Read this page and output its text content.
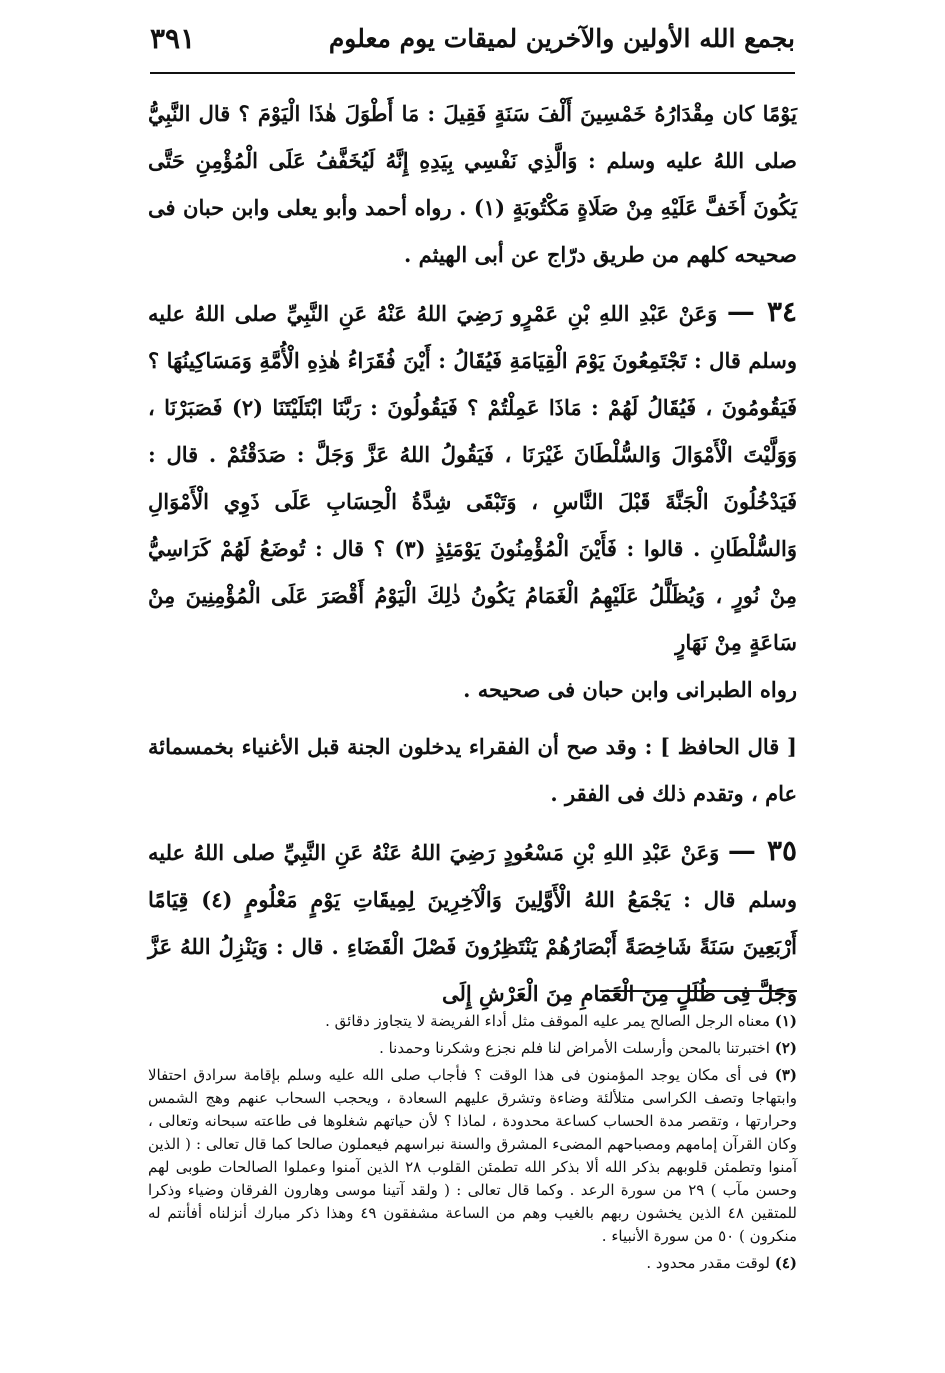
بجمع الله الأولين والآخرين لميقات يوم معلوم
٣٩١

يَوْمًا كان مِقْدَارُهُ خَمْسِينَ أَلْفَ سَنَةٍ فَقِيلَ : مَا أَطْوَلَ هٰذَا الْيَوْمَ ؟ قال النَّبِيُّ صلى اللهُ عليه وسلم : وَالَّذِي نَفْسِي بِيَدِهِ إِنَّهُ لَيُخَفَّفُ عَلَى الْمُؤْمِنِ حَتَّى يَكُونَ أَخَفَّ عَلَيْهِ مِنْ صَلَاةٍ مَكْتُوبَةٍ (١) . رواه أحمد وأبو يعلى وابن حبان فى صحيحه كلهم من طريق درّاج عن أبى الهيثم .

٣٤ — وَعَنْ عَبْدِ اللهِ بْنِ عَمْرٍو رَضِيَ اللهُ عَنْهُ عَنِ النَّبِيِّ صلى اللهُ عليه وسلم قال : تَجْتَمِعُونَ يَوْمَ الْقِيَامَةِ فَيُقَالُ : أَيْنَ فُقَرَاءُ هٰذِهِ الْأُمَّةِ وَمَسَاكِينُهَا ؟ فَيَقُومُونَ ، فَيُقَالُ لَهُمْ : مَاذَا عَمِلْتُمْ ؟ فَيَقُولُونَ : رَبَّنَا ابْتَلَيْتَنَا (٢) فَصَبَرْنَا ، وَوَلَّيْتَ الْأَمْوَالَ وَالسُّلْطَانَ غَيْرَنَا ، فَيَقُولُ اللهُ عَزَّ وَجَلَّ : صَدَقْتُمْ . قال : فَيَدْخُلُونَ الْجَنَّةَ قَبْلَ النَّاسِ ، وَتَبْقَى شِدَّةُ الْحِسَابِ عَلَى ذَوِي الْأَمْوَالِ وَالسُّلْطَانِ . قالوا : فَأَيْنَ الْمُؤْمِنُونَ يَوْمَئِذٍ (٣) ؟ قال : تُوضَعُ لَهُمْ كَرَاسِيُّ مِنْ نُورٍ ، وَيُظَلَّلُ عَلَيْهِمُ الْغَمَامُ يَكُونُ ذٰلِكَ الْيَوْمُ أَقْصَرَ عَلَى الْمُؤْمِنِينَ مِنْ سَاعَةٍ مِنْ نَهَارٍ

رواه الطبرانى وابن حبان فى صحيحه .

[ قال الحافظ ] : وقد صح أن الفقراء يدخلون الجنة قبل الأغنياء بخمسمائة عام ، وتقدم ذلك فى الفقر .

٣٥ — وَعَنْ عَبْدِ اللهِ بْنِ مَسْعُودٍ رَضِيَ اللهُ عَنْهُ عَنِ النَّبِيِّ صلى اللهُ عليه وسلم قال : يَجْمَعُ اللهُ الْأَوَّلِينَ وَالْآخِرِينَ لِمِيقَاتِ يَوْمٍ مَعْلُومٍ (٤) قِيَامًا أَرْبَعِينَ سَنَةً شَاخِصَةً أَبْصَارُهُمْ يَنْتَظِرُونَ فَصْلَ الْقَضَاءِ . قال : وَيَنْزِلُ اللهُ عَزَّ وَجَلَّ فِى ظُلَلٍ مِنَ الْغَمَامِ مِنَ الْعَرْشِ إِلَى

(١) معناه الرجل الصالح يمر عليه الموقف مثل أداء الفريضة لا يتجاوز دقائق .

(٢) اختبرتنا بالمحن وأرسلت الأمراض لنا فلم نجزع وشكرنا وحمدنا .

(٣) فى أى مكان يوجد المؤمنون فى هذا الوقت ؟ فأجاب صلى الله عليه وسلم بإقامة سرادق احتفالا وابتهاجا وتصف الكراسى متلألئة وضاءة وتشرق عليهم السعادة ، ويحجب السحاب عنهم وهج الشمس وحرارتها ، وتقصر مدة الحساب كساعة محدودة ، لماذا ؟ لأن حياتهم شغلوها فى طاعته سبحانه وتعالى ، وكان القرآن إمامهم ومصباحهم المضىء المشرق والسنة نبراسهم فيعملون صالحا كما قال تعالى : ( الذين آمنوا وتطمئن قلوبهم بذكر الله ألا بذكر الله تطمئن القلوب ٢٨ الذين آمنوا وعملوا الصالحات طوبى لهم وحسن مآب ) ٢٩ من سورة الرعد . وكما قال تعالى : ( ولقد آتينا موسى وهارون الفرقان وضياء وذكرا للمتقين ٤٨ الذين يخشون ربهم بالغيب وهم من الساعة مشفقون ٤٩ وهذا ذكر مبارك أنزلناه أفأنتم له منكرون ) ٥٠ من سورة الأنبياء .

(٤) لوقت مقدر محدود .
